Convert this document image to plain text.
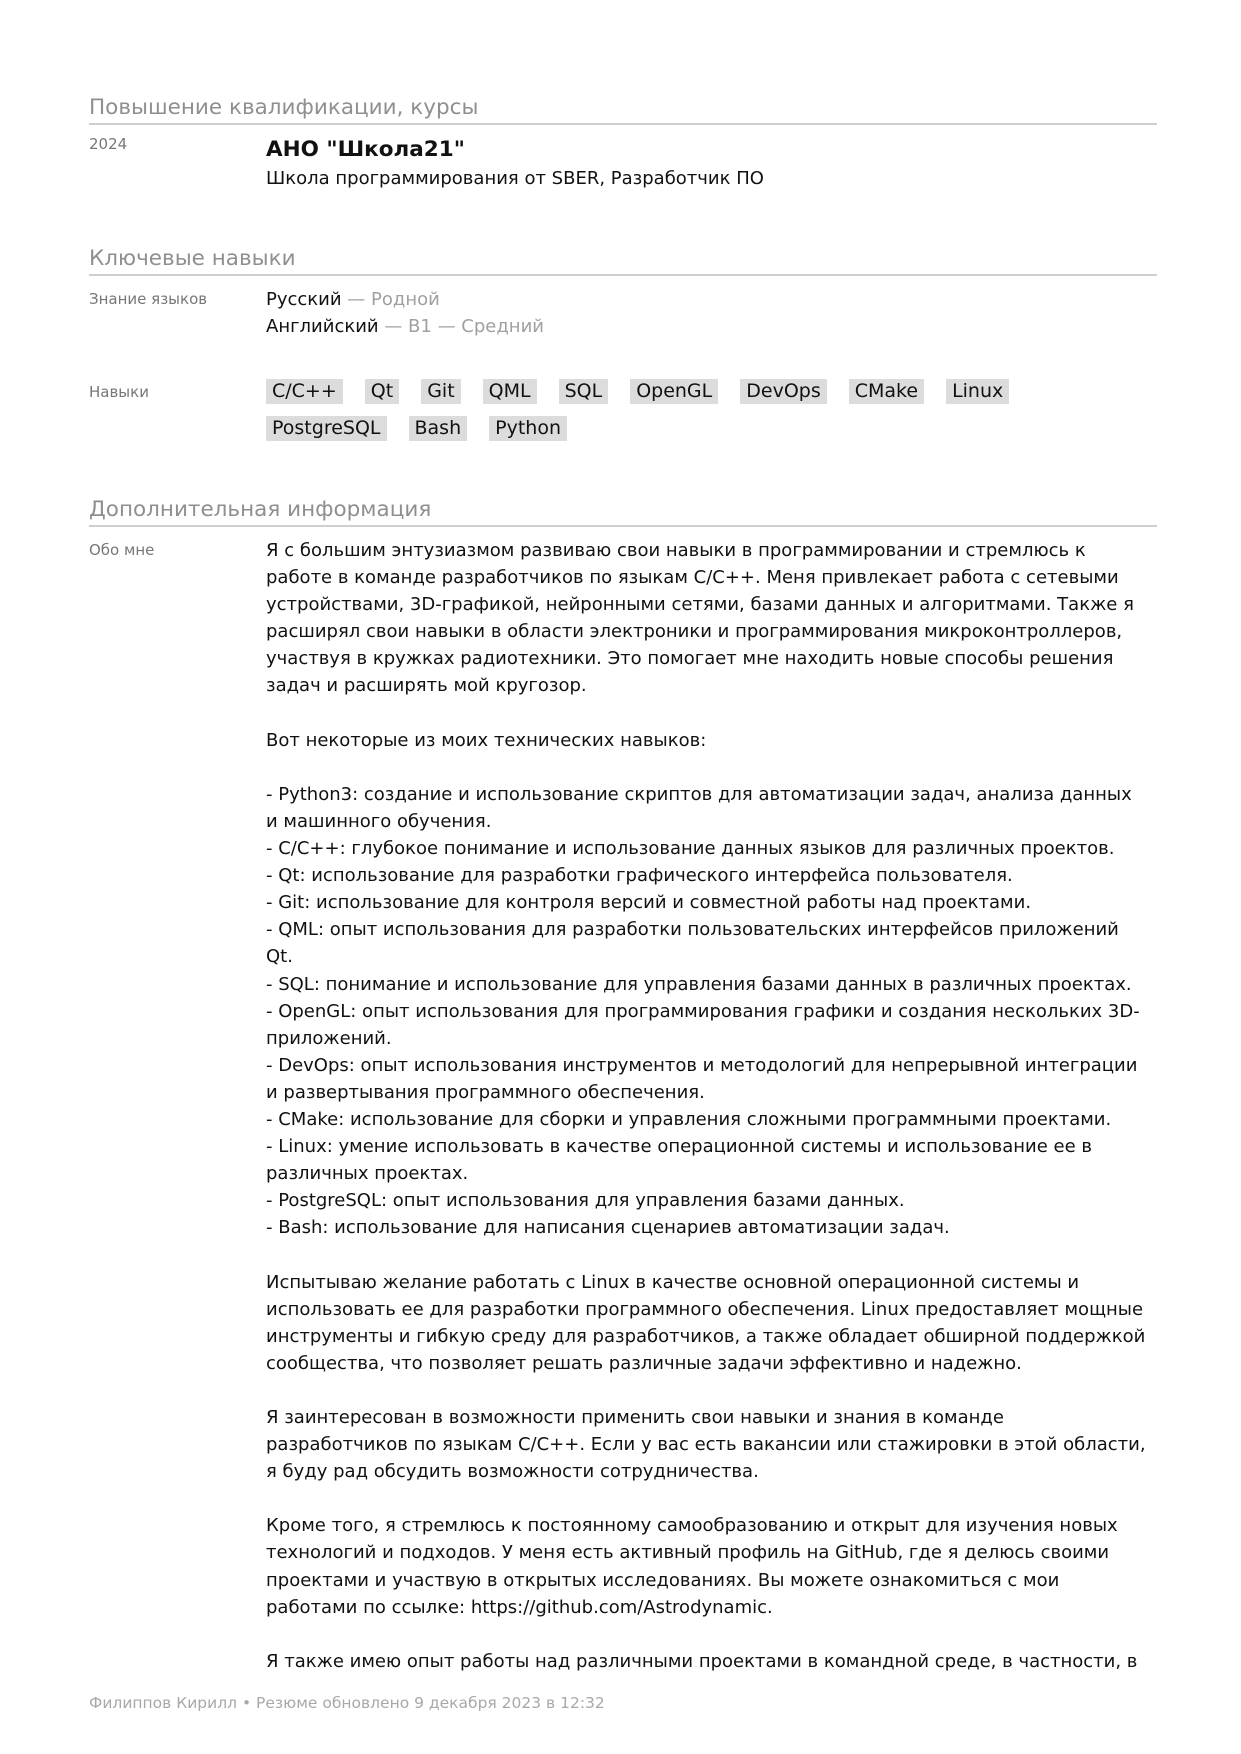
Повышение квалификации, курсы
2024	АНО "Школа21"
Школа программирования от SBER, Разработчик ПО
Ключевые навыки
Знание языков	Русский — Родной
Английский — B1 — Средний
Навыки	C/C++	Qt	Git	QML	SQL	OpenGL	DevOps	CMake	Linux
PostgreSQL	Bash	Python
Дополнительная информация
Обо мне	Я с большим энтузиазмом развиваю свои навыки в программировании и стремлюсь к работе в команде разработчиков по языкам C/C++. Меня привлекает работа с сетевыми устройствами, 3D-графикой, нейронными сетями, базами данных и алгоритмами. Также я расширял свои навыки в области электроники и программирования микроконтроллеров, участвуя в кружках радиотехники. Это помогает мне находить новые способы решения задач и расширять мой кругозор.

Вот некоторые из моих технических навыков:

- Python3: создание и использование скриптов для автоматизации задач, анализа данных и машинного обучения.
- C/C++: глубокое понимание и использование данных языков для различных проектов.
- Qt: использование для разработки графического интерфейса пользователя.
- Git: использование для контроля версий и совместной работы над проектами.
- QML: опыт использования для разработки пользовательских интерфейсов приложений Qt.
- SQL: понимание и использование для управления базами данных в различных проектах.
- OpenGL: опыт использования для программирования графики и создания нескольких 3D-приложений.
- DevOps: опыт использования инструментов и методологий для непрерывной интеграции и развертывания программного обеспечения.
- CMake: использование для сборки и управления сложными программными проектами.
- Linux: умение использовать в качестве операционной системы и использование ее в различных проектах.
- PostgreSQL: опыт использования для управления базами данных.
- Bash: использование для написания сценариев автоматизации задач.

Испытываю желание работать с Linux в качестве основной операционной системы и использовать ее для разработки программного обеспечения. Linux предоставляет мощные инструменты и гибкую среду для разработчиков, а также обладает обширной поддержкой сообщества, что позволяет решать различные задачи эффективно и надежно.

Я заинтересован в возможности применить свои навыки и знания в команде разработчиков по языкам C/C++. Если у вас есть вакансии или стажировки в этой области, я буду рад обсудить возможности сотрудничества.

Кроме того, я стремлюсь к постоянному самообразованию и открыт для изучения новых технологий и подходов. У меня есть активный профиль на GitHub, где я делюсь своими проектами и участвую в открытых исследованиях. Вы можете ознакомиться с мои работами по ссылке: https://github.com/Astrodynamic.

Я также имею опыт работы над различными проектами в командной среде, в частности, в
Филиппов Кирилл • Резюме обновлено 9 декабря 2023 в 12:32
